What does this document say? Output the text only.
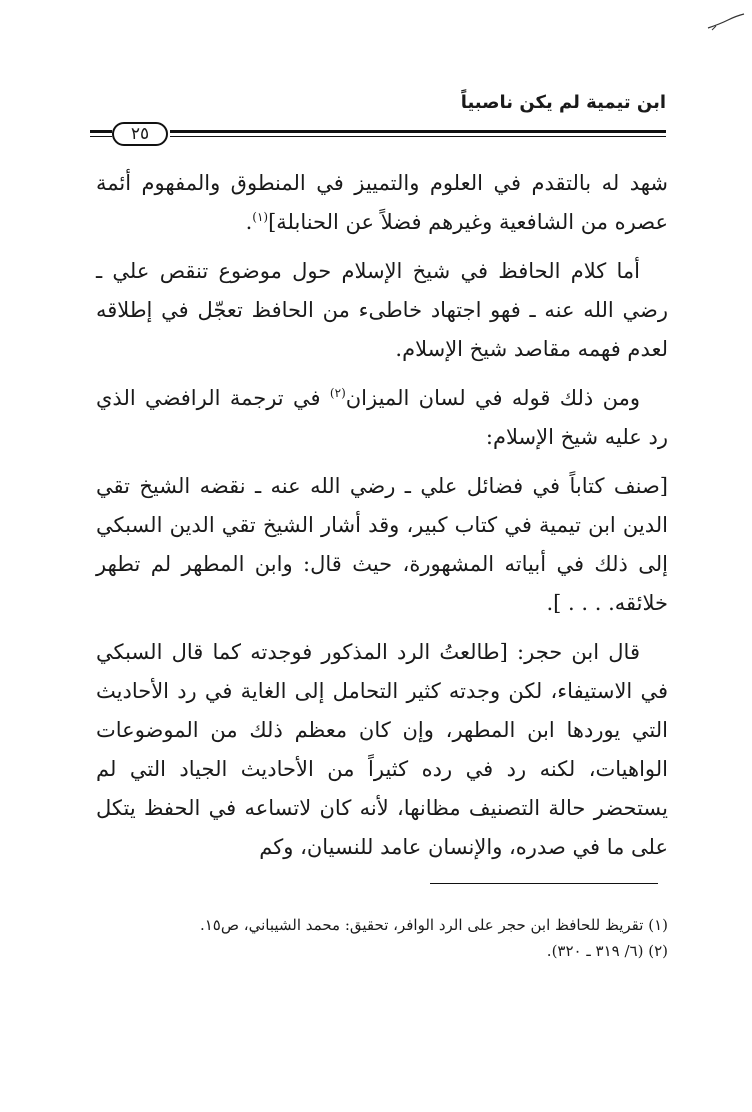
ابن تيمية لم يكن ناصبياً
٢٥

شهد له بالتقدم في العلوم والتمييز في المنطوق والمفهوم أئمة عصره من الشافعية وغيرهم فضلاً عن الحنابلة]$^{(١)}$.

أما كلام الحافظ في شيخ الإسلام حول موضوع تنقص علي ـ رضي الله عنه ـ فهو اجتهاد خاطىء من الحافظ تعجّل في إطلاقه لعدم فهمه مقاصد شيخ الإسلام.

ومن ذلك قوله في لسان الميزان$^{(٢)}$ في ترجمة الرافضي الذي رد عليه شيخ الإسلام:

[صنف كتاباً في فضائل علي ـ رضي الله عنه ـ نقضه الشيخ تقي الدين ابن تيمية في كتاب كبير، وقد أشار الشيخ تقي الدين السبكي إلى ذلك في أبياته المشهورة، حيث قال: وابن المطهر لم تطهر خلائقه. . . . ].

قال ابن حجر: [طالعتُ الرد المذكور فوجدته كما قال السبكي في الاستيفاء، لكن وجدته كثير التحامل إلى الغاية في رد الأحاديث التي يوردها ابن المطهر، وإن كان معظم ذلك من الموضوعات الواهيات، لكنه رد في رده كثيراً من الأحاديث الجياد التي لم يستحضر حالة التصنيف مظانها، لأنه كان لاتساعه في الحفظ يتكل على ما في صدره، والإنسان عامد للنسيان، وكم

(١) تقريظ للحافظ ابن حجر على الرد الوافر، تحقيق: محمد الشيباني، ص١٥.

(٢) (٦/ ٣١٩ ـ ٣٢٠).
